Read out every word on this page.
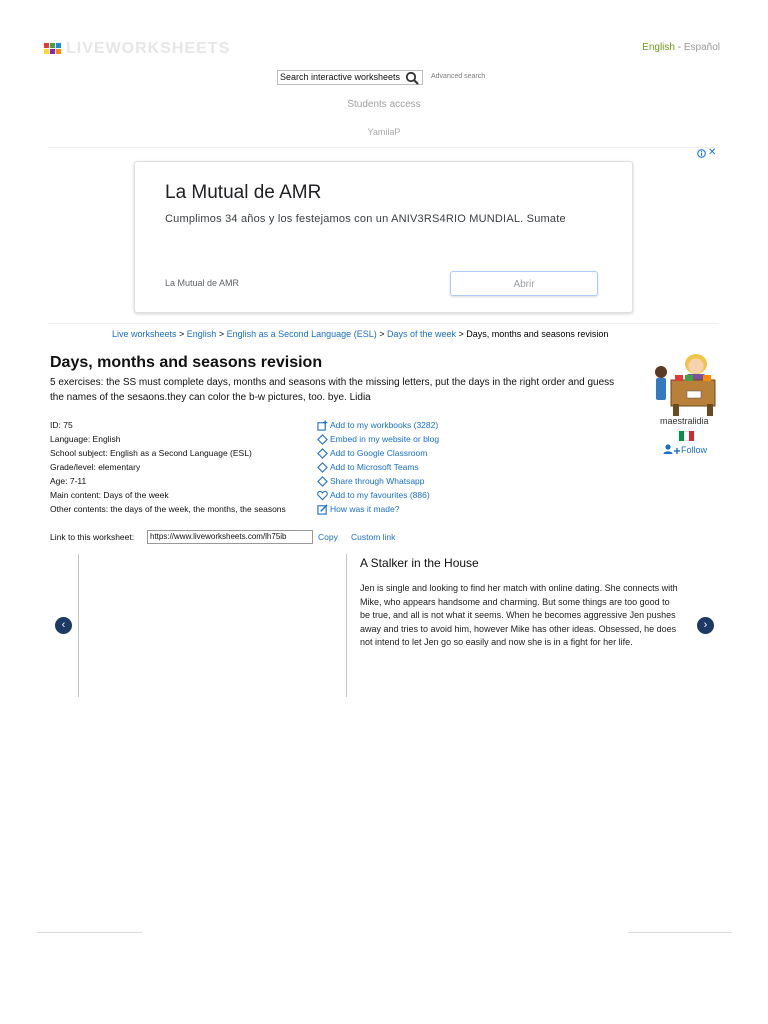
LIVEWORKSHEETS	English - Español
Search interactive worksheets	Advanced search
Students access
YamilaP
✕
La Mutual de AMR
Cumplimos 34 años y los festejamos con un ANIV3RS4RIO MUNDIAL. Sumate
La Mutual de AMR	Abrir
Live worksheets > English > English as a Second Language (ESL) > Days of the week > Days, months and seasons revision
Days, months and seasons revision
5 exercises: the SS must complete days, months and seasons with the missing letters, put the days in the right order and guess the names of the sesaons.they can color the b-w pictures, too. bye. Lidia
ID: 75
Language: English
School subject: English as a Second Language (ESL)
Grade/level: elementary
Age: 7-11
Main content: Days of the week
Other contents: the days of the week, the months, the seasons
Add to my workbooks (3282)
Embed in my website or blog
Add to Google Classroom
Add to Microsoft Teams
Share through Whatsapp
Add to my favourites (886)
How was it made?
maestralidia
Follow
Link to this worksheet:	https://www.liveworksheets.com/lh75ib	Copy Custom link
‹	›
A Stalker in the House
Jen is single and looking to find her match with online dating. She connects with Mike, who appears handsome and charming. But some things are too good to be true, and all is not what it seems. When he becomes aggressive Jen pushes away and tries to avoid him, however Mike has other ideas. Obsessed, he does not intend to let Jen go so easily and now she is in a fight for her life.
